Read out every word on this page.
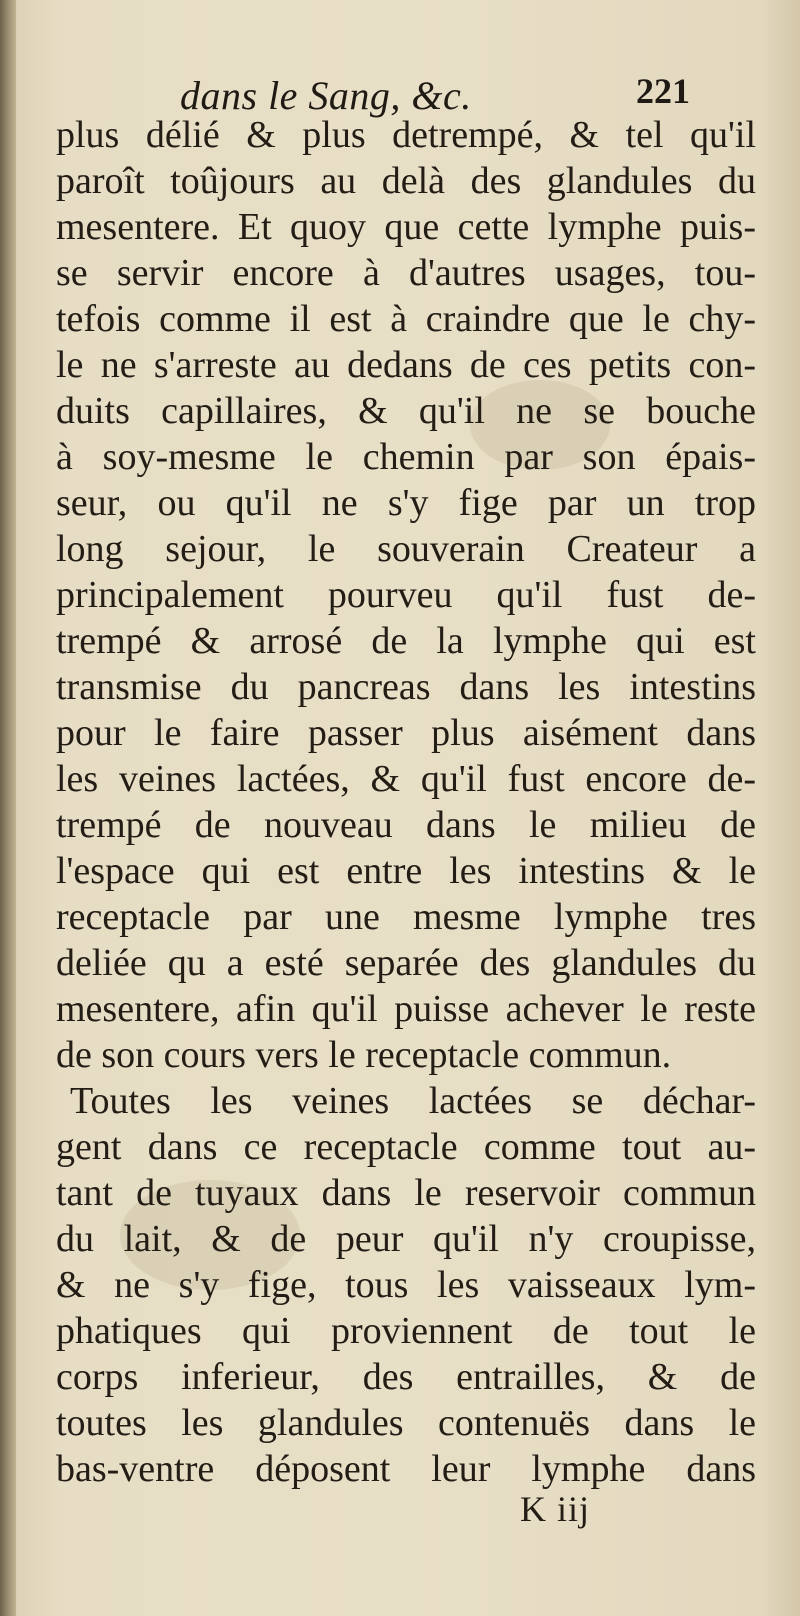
dans le Sang, &c.	221
plus délié & plus detrempé, & tel qu'il
paroît toûjours au delà des glandules du
mesentere. Et quoy que cette lymphe puis-
se servir encore à d'autres usages, tou-
tefois comme il est à craindre que le chy-
le ne s'arreste au dedans de ces petits con-
duits capillaires, & qu'il ne se bouche
à soy-mesme le chemin par son épais-
seur, ou qu'il ne s'y fige par un trop
long sejour, le souverain Createur a
principalement pourveu qu'il fust de-
trempé & arrosé de la lymphe qui est
transmise du pancreas dans les intestins
pour le faire passer plus aisément dans
les veines lactées, & qu'il fust encore de-
trempé de nouveau dans le milieu de
l'espace qui est entre les intestins & le
receptacle par une mesme lymphe tres
deliée qu a esté separée des glandules du
mesentere, afin qu'il puisse achever le reste
de son cours vers le receptacle commun.
Toutes les veines lactées se déchar-
gent dans ce receptacle comme tout au-
tant de tuyaux dans le reservoir commun
du lait, & de peur qu'il n'y croupisse,
& ne s'y fige, tous les vaisseaux lym-
phatiques qui proviennent de tout le
corps inferieur, des entrailles, & de
toutes les glandules contenuës dans le
bas-ventre déposent leur lymphe dans
K iij
